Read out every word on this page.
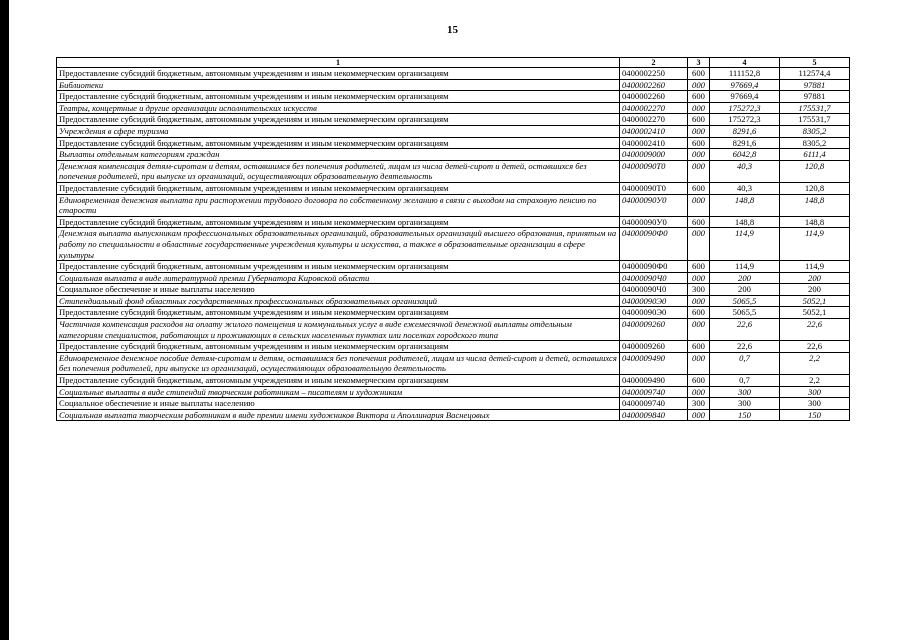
15
1	2	3	4	5
Предоставление субсидий бюджетным, автономным учреждениям и иным некоммерческим организациям	0400002250	600	111152,8	112574,4
Библиотеки	0400002260	000	97669,4	97881
Предоставление субсидий бюджетным, автономным учреждениям и иным некоммерческим организациям	0400002260	600	97669,4	97881
Театры, концертные и другие организации исполнительских искусств	0400002270	000	175272,3	175531,7
Предоставление субсидий бюджетным, автономным учреждениям и иным некоммерческим организациям	0400002270	600	175272,3	175531,7
Учреждения в сфере туризма	0400002410	000	8291,6	8305,2
Предоставление субсидий бюджетным, автономным учреждениям и иным некоммерческим организациям	0400002410	600	8291,6	8305,2
Выплаты отдельным категориям граждан	0400009000	000	6042,8	6111,4
Денежная компенсация детям-сиротам и детям, оставшимся без попечения родителей, лицам из числа детей-сирот и детей, оставшихся без попечения родителей, при выпуске из организаций, осуществляющих образовательную деятельность	04000090Т0	000	40,3	120,8
Предоставление субсидий бюджетным, автономным учреждениям и иным некоммерческим организациям	04000090Т0	600	40,3	120,8
Единовременная денежная выплата при расторжении трудового договора по собственному желанию в связи с выходом на страховую пенсию по старости	04000090У0	000	148,8	148,8
Предоставление субсидий бюджетным, автономным учреждениям и иным некоммерческим организациям	04000090У0	600	148,8	148,8
Денежная выплата выпускникам профессиональных образовательных организаций, образовательных организаций высшего образования, принятым на работу по специальности в областные государственные учреждения культуры и искусства, а также в образовательные организации в сфере культуры	04000090Ф0	000	114,9	114,9
Предоставление субсидий бюджетным, автономным учреждениям и иным некоммерческим организациям	04000090Ф0	600	114,9	114,9
Социальная выплата в виде литературной премии Губернатора Кировской области	04000090Ч0	000	200	200
Социальное обеспечение и иные выплаты населению	04000090Ч0	300	200	200
Стипендиальный фонд областных государственных профессиональных образовательных организаций	04000090Э0	000	5065,5	5052,1
Предоставление субсидий бюджетным, автономным учреждениям и иным некоммерческим организациям	04000090Э0	600	5065,5	5052,1
Частичная компенсация расходов на оплату жилого помещения и коммунальных услуг в виде ежемесячной денежной выплаты отдельным категориям специалистов, работающих и проживающих в сельских населенных пунктах или поселках городского типа	0400009260	000	22,6	22,6
Предоставление субсидий бюджетным, автономным учреждениям и иным некоммерческим организациям	0400009260	600	22,6	22,6
Единовременное денежное пособие детям-сиротам и детям, оставшимся без попечения родителей, лицам из числа детей-сирот и детей, оставшихся без попечения родителей, при выпуске из организаций, осуществляющих образовательную деятельность	0400009490	000	0,7	2,2
Предоставление субсидий бюджетным, автономным учреждениям и иным некоммерческим организациям	0400009490	600	0,7	2,2
Социальные выплаты в виде стипендий творческим работникам – писателям и художникам	0400009740	000	300	300
Социальное обеспечение и иные выплаты населению	0400009740	300	300	300
Социальная выплата творческим работникам в виде премии имени художников Виктора и Аполлинария Васнецовых	0400009840	000	150	150
